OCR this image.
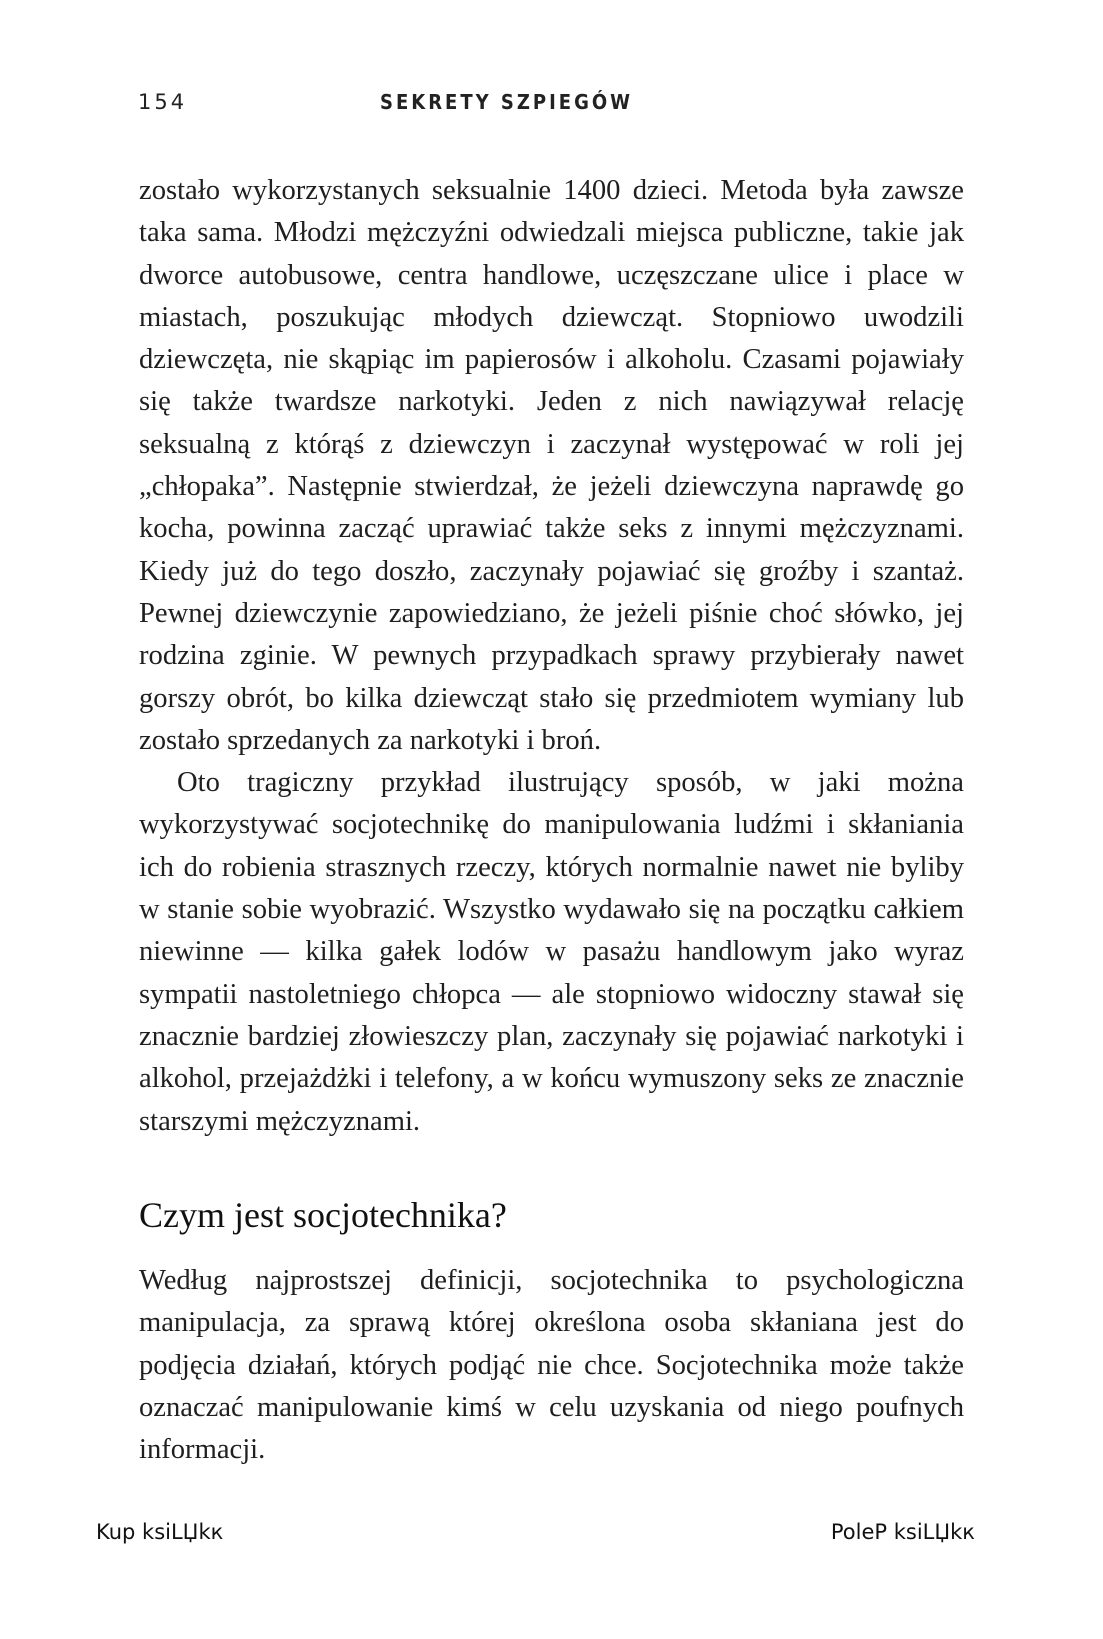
154	SEKRETY SZPIEGÓW

zostało wykorzystanych seksualnie 1400 dzieci. Metoda była zawsze taka sama. Młodzi mężczyźni odwiedzali miejsca publiczne, takie jak dworce autobusowe, centra handlowe, uczęszczane ulice i place w miastach, poszukując młodych dziewcząt. Stopniowo uwodzili dziewczęta, nie skąpiąc im papierosów i alkoholu. Czasami pojawiały się także twardsze narkotyki. Jeden z nich nawiązywał relację seksualną z którąś z dziewczyn i zaczynał występować w roli jej „chłopaka”. Następnie stwierdzał, że jeżeli dziewczyna naprawdę go kocha, powinna zacząć uprawiać także seks z innymi mężczyznami. Kiedy już do tego doszło, zaczynały pojawiać się groźby i szantaż. Pewnej dziewczynie zapowiedziano, że jeżeli piśnie choć słówko, jej rodzina zginie. W pewnych przypadkach sprawy przybierały nawet gorszy obrót, bo kilka dziewcząt stało się przedmiotem wymiany lub zostało sprzedanych za narkotyki i broń.

Oto tragiczny przykład ilustrujący sposób, w jaki można wykorzystywać socjotechnikę do manipulowania ludźmi i skłaniania ich do robienia strasznych rzeczy, których normalnie nawet nie byliby w stanie sobie wyobrazić. Wszystko wydawało się na początku całkiem niewinne — kilka gałek lodów w pasażu handlowym jako wyraz sympatii nastoletniego chłopca — ale stopniowo widoczny stawał się znacznie bardziej złowieszczy plan, zaczynały się pojawiać narkotyki i alkohol, przejażdżki i telefony, a w końcu wymuszony seks ze znacznie starszymi mężczyznami.

Czym jest socjotechnika?

Według najprostszej definicji, socjotechnika to psychologiczna manipulacja, za sprawą której określona osoba skłaniana jest do podjęcia działań, których podjąć nie chce. Socjotechnika może także oznaczać manipulowanie kimś w celu uzyskania od niego poufnych informacji.

Kup ksiLЏkк	PoleР ksiLЏkк
